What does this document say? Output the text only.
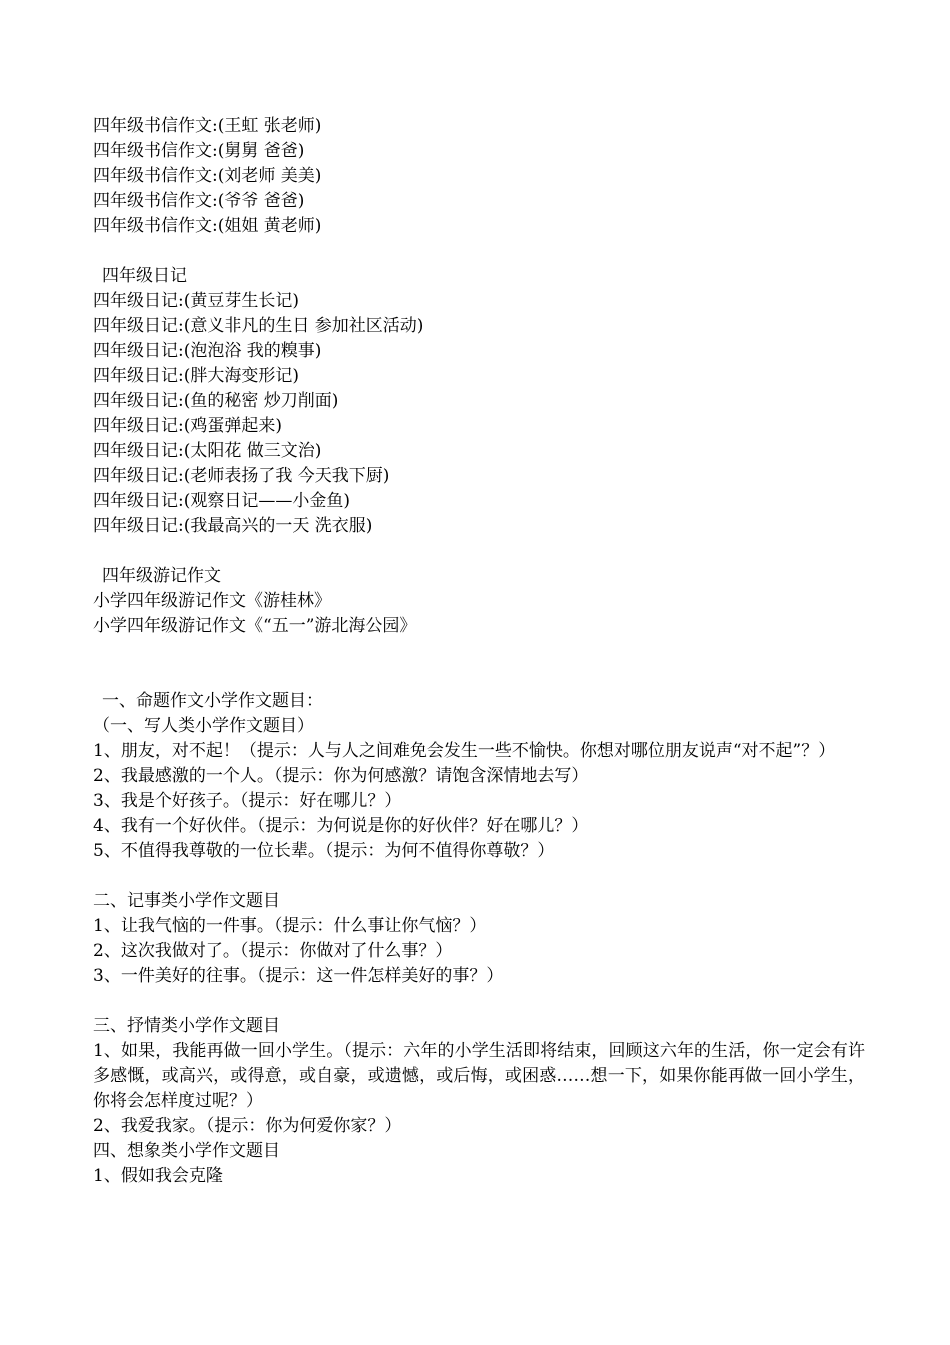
四年级书信作文:(王虹 张老师)
四年级书信作文:(舅舅 爸爸)
四年级书信作文:(刘老师 美美)
四年级书信作文:(爷爷 爸爸)
四年级书信作文:(姐姐 黄老师)
四年级日记
四年级日记:(黄豆芽生长记)
四年级日记:(意义非凡的生日 参加社区活动)
四年级日记:(泡泡浴 我的糗事)
四年级日记:(胖大海变形记)
四年级日记:(鱼的秘密 炒刀削面)
四年级日记:(鸡蛋弹起来)
四年级日记:(太阳花 做三文治)
四年级日记:(老师表扬了我 今天我下厨)
四年级日记:(观察日记——小金鱼)
四年级日记:(我最高兴的一天 洗衣服)
四年级游记作文
小学四年级游记作文《游桂林》
小学四年级游记作文《“五一”游北海公园》
一、命题作文小学作文题目：
（一、写人类小学作文题目）
1、朋友，对不起！（提示：人与人之间难免会发生一些不愉快。你想对哪位朋友说声“对不起”？）
2、我最感激的一个人。（提示：你为何感激？请饱含深情地去写）
3、我是个好孩子。（提示：好在哪儿？）
4、我有一个好伙伴。（提示：为何说是你的好伙伴？好在哪儿？）
5、不值得我尊敬的一位长辈。（提示：为何不值得你尊敬？）
二、记事类小学作文题目
1、让我气恼的一件事。（提示：什么事让你气恼？）
2、这次我做对了。（提示：你做对了什么事？）
3、一件美好的往事。（提示：这一件怎样美好的事？）
三、抒情类小学作文题目
1、如果，我能再做一回小学生。（提示：六年的小学生活即将结束，回顾这六年的生活，你一定会有许多感慨，或高兴，或得意，或自豪，或遗憾，或后悔，或困惑……想一下，如果你能再做一回小学生，你将会怎样度过呢？）
2、我爱我家。（提示：你为何爱你家？）
四、想象类小学作文题目
1、假如我会克隆
